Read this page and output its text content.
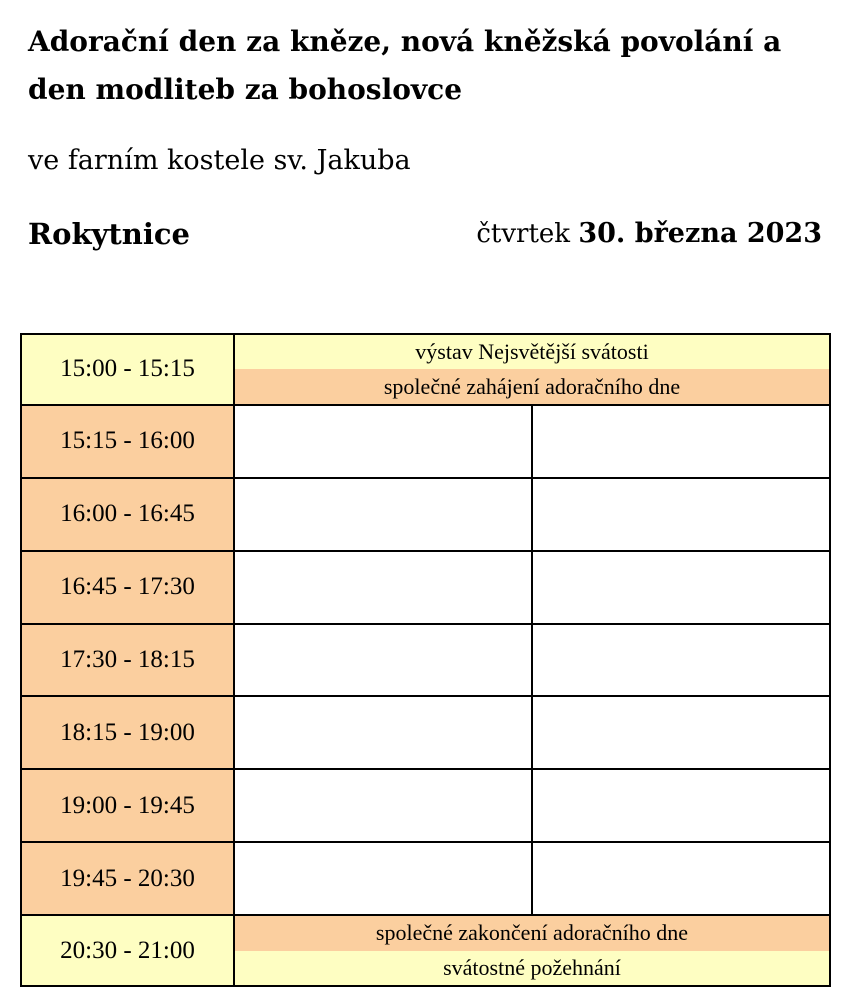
Adorační den za kněze, nová kněžská povolání a den modliteb za bohoslovce

ve farním kostele sv. Jakuba

Rokytnice	čtvrtek 30. března 2023

15:00 - 15:15	výstav Nejsvětější svátosti	
	společné zahájení adoračního dne	
15:15 - 16:00		
16:00 - 16:45		
16:45 - 17:30		
17:30 - 18:15		
18:15 - 19:00		
19:00 - 19:45		
19:45 - 20:30		
20:30 - 21:00	společné zakončení adoračního dne	
	svátostné požehnání	
